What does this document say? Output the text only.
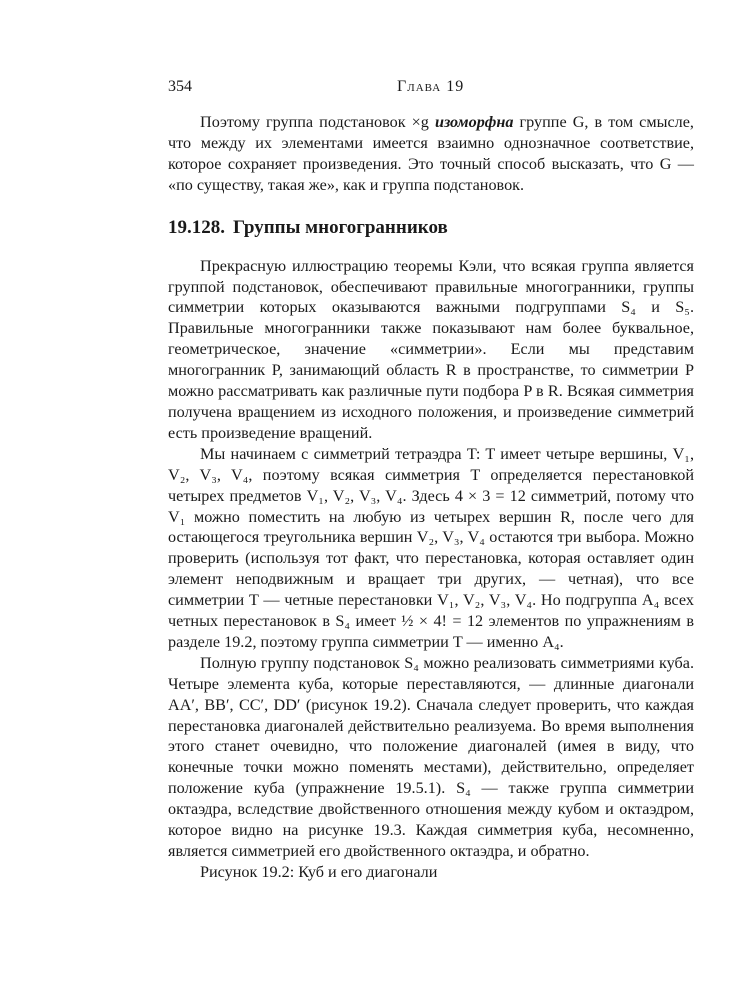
354	Глава 19

Поэтому группа подстановок ×g изоморфна группе G, в том смысле, что между их элементами имеется взаимно однозначное соответствие, которое сохраняет произведения. Это точный способ высказать, что G — «по существу, такая же», как и группа подстановок.

19.128. Группы многогранников

Прекрасную иллюстрацию теоремы Кэли, что всякая группа является группой подстановок, обеспечивают правильные многогранники, группы симметрии которых оказываются важными подгруппами S₄ и S₅. Правильные многогранники также показывают нам более буквальное, геометрическое, значение «симметрии». Если мы представим многогранник P, занимающий область R в пространстве, то симметрии P можно рассматривать как различные пути подбора P в R. Всякая симметрия получена вращением из исходного положения, и произведение симметрий есть произведение вращений.

Мы начинаем с симметрий тетраэдра T: T имеет четыре вершины, V₁, V₂, V₃, V₄, поэтому всякая симметрия T определяется перестановкой четырех предметов V₁, V₂, V₃, V₄. Здесь 4 × 3 = 12 симметрий, потому что V₁ можно поместить на любую из четырех вершин R, после чего для остающегося треугольника вершин V₂, V₃, V₄ остаются три выбора. Можно проверить (используя тот факт, что перестановка, которая оставляет один элемент неподвижным и вращает три других, — четная), что все симметрии T — четные перестановки V₁, V₂, V₃, V₄. Но подгруппа A₄ всех четных перестановок в S₄ имеет ½ × 4! = 12 элементов по упражнениям в разделе 19.2, поэтому группа симметрии T — именно A₄.

Полную группу подстановок S₄ можно реализовать симметриями куба. Четыре элемента куба, которые переставляются, — длинные диагонали AA′, BB′, CC′, DD′ (рисунок 19.2). Сначала следует проверить, что каждая перестановка диагоналей действительно реализуема. Во время выполнения этого станет очевидно, что положение диагоналей (имея в виду, что конечные точки можно поменять местами), действительно, определяет положение куба (упражнение 19.5.1). S₄ — также группа симметрии октаэдра, вследствие двойственного отношения между кубом и октаэдром, которое видно на рисунке 19.3. Каждая симметрия куба, несомненно, является симметрией его двойственного октаэдра, и обратно.

Рисунок 19.2: Куб и его диагонали
